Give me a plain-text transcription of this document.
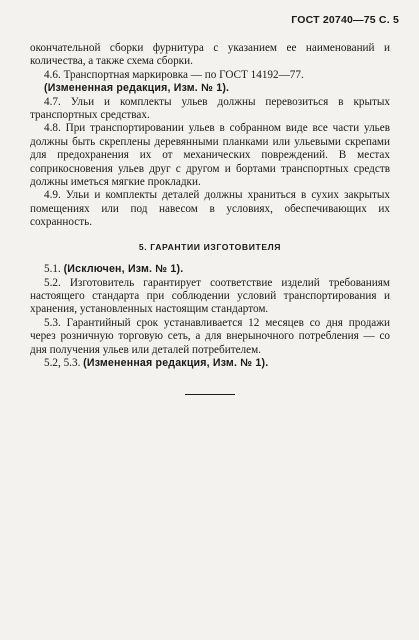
ГОСТ 20740—75 С. 5

окончательной сборки фурнитура с указанием ее наименований и количества, а также схема сборки.

4.6. Транспортная маркировка — по ГОСТ 14192—77.

(Измененная редакция, Изм. № 1).

4.7. Ульи и комплекты ульев должны перевозиться в крытых транспортных средствах.

4.8. При транспортировании ульев в собранном виде все части ульев должны быть скреплены деревянными планками или ульевыми скрепами для предохранения их от механических повреждений. В местах соприкосновения ульев друг с другом и бортами транспортных средств должны иметься мягкие прокладки.

4.9. Ульи и комплекты деталей должны храниться в сухих закрытых помещениях или под навесом в условиях, обеспечивающих их сохранность.

5. ГАРАНТИИ ИЗГОТОВИТЕЛЯ

5.1. (Исключен, Изм. № 1).

5.2. Изготовитель гарантирует соответствие изделий требованиям настоящего стандарта при соблюдении условий транспортирования и хранения, установленных настоящим стандартом.

5.3. Гарантийный срок устанавливается 12 месяцев со дня продажи через розничную торговую сеть, а для внерыночного потребления — со дня получения ульев или деталей потребителем.

5.2, 5.3. (Измененная редакция, Изм. № 1).
